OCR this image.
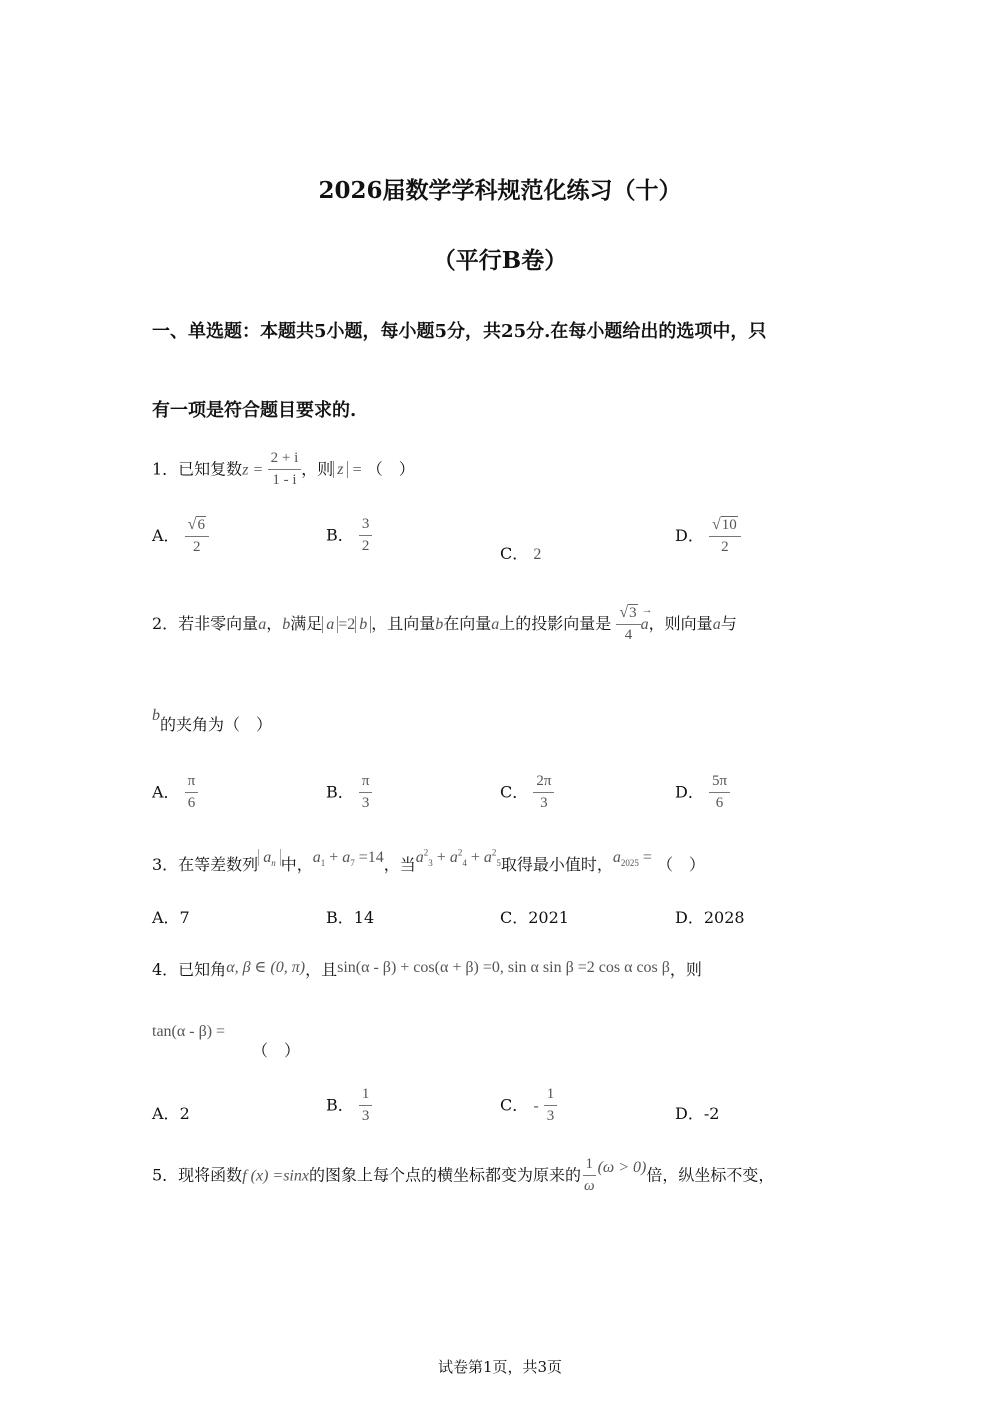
2026届数学学科规范化练习（十）
（平行B卷）
一、单选题：本题共5小题，每小题5分，共25分.在每小题给出的选项中，只
有一项是符合题目要求的.
1．已知复数$z = \frac{2 + i}{1 - i}$ ，则 z = （　）
A． $\frac{√ 6}{2}$	B． $\frac{3}{2}$	C． 2
D． $\frac{√ 10}{2}$
2．若非零向量a，b满足 a =2 b ，且向量b在向量a上的投影向量是 $\frac{√ 3}{4}$ →
a，则向量a与
b的夹角为（　）
A． $\frac{\pi}{6}$	B． $\frac{\pi}{3}$	C． $\frac{2\pi}{3}$	D． $\frac{5\pi}{6}$
3．在等差数列 $a_n$ 中，$a_1 + a_7 =14$，当$a^2_3 + a^2_4 + a^2_5$取得最小值时，$a_{2025}$ = （　）
A．7	B．14	C．2021	D．2028
4．已知角α, β ∈ (0, π)，且sin(α - β) + cos(α + β) =0, sin α sin β =2 cos α cos β，则
tan(α - β) =
（　）
A．2	B． $\frac{1}{3}$	C． - $\frac{1}{3}$	D．-2
5．现将函数f (x) =sinx的图象上每个点的横坐标都变为原来的 $\frac{1}{\omega} (\omega > 0)$倍，纵坐标不变，
试卷第1页，共3页
